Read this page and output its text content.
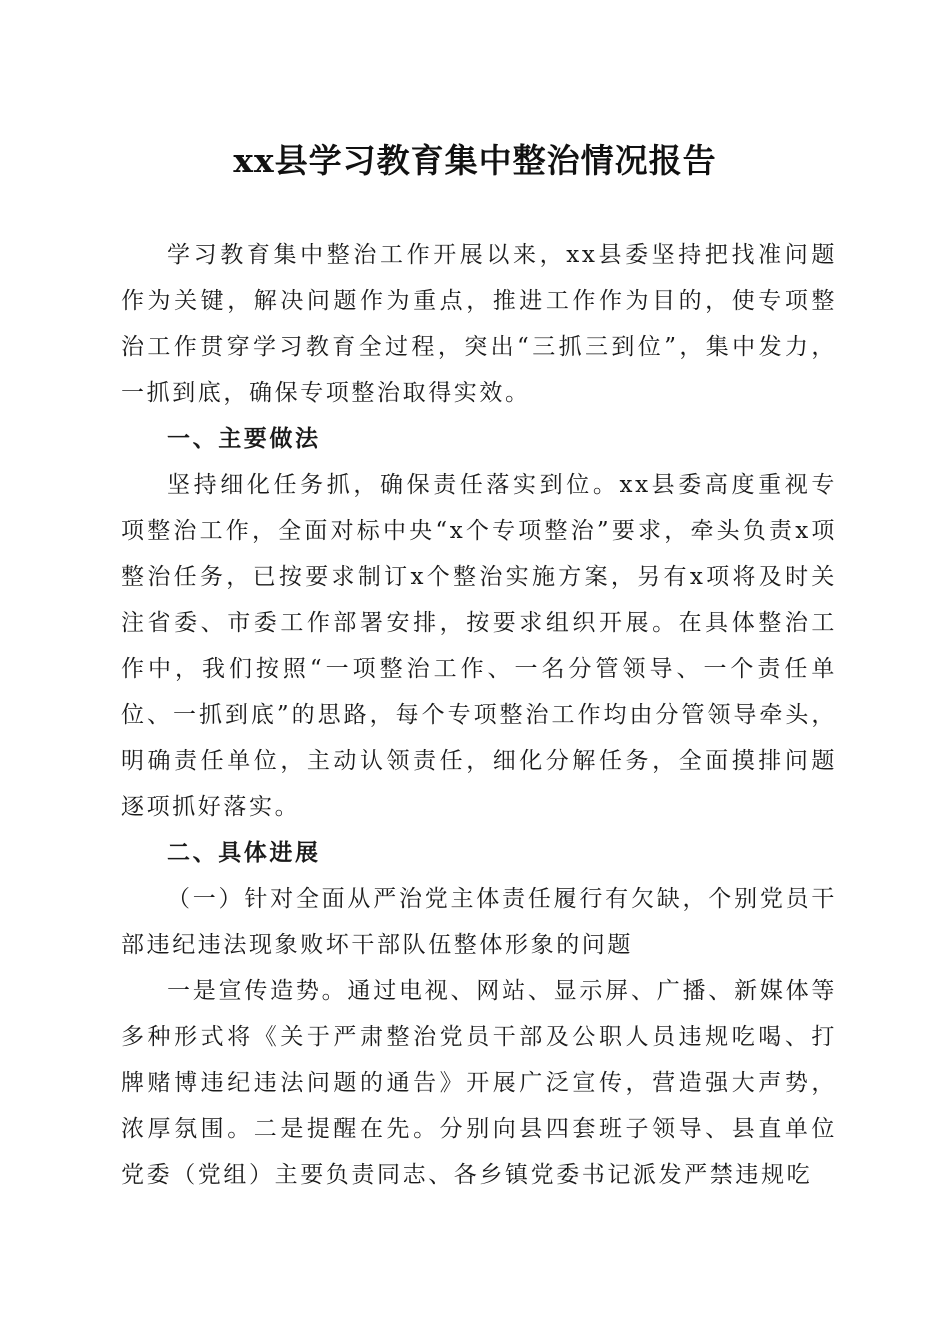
xx县学习教育集中整治情况报告

学习教育集中整治工作开展以来，xx县委坚持把找准问题作为关键，解决问题作为重点，推进工作作为目的，使专项整治工作贯穿学习教育全过程，突出“三抓三到位”，集中发力，一抓到底，确保专项整治取得实效。

一、主要做法

坚持细化任务抓，确保责任落实到位。xx县委高度重视专项整治工作，全面对标中央“x个专项整治”要求，牵头负责x项整治任务，已按要求制订x个整治实施方案，另有x项将及时关注省委、市委工作部署安排，按要求组织开展。在具体整治工作中，我们按照“一项整治工作、一名分管领导、一个责任单位、一抓到底”的思路，每个专项整治工作均由分管领导牵头，明确责任单位，主动认领责任，细化分解任务，全面摸排问题逐项抓好落实。

二、具体进展

（一）针对全面从严治党主体责任履行有欠缺，个别党员干部违纪违法现象败坏干部队伍整体形象的问题

一是宣传造势。通过电视、网站、显示屏、广播、新媒体等多种形式将《关于严肃整治党员干部及公职人员违规吃喝、打牌赌博违纪违法问题的通告》开展广泛宣传，营造强大声势，浓厚氛围。二是提醒在先。分别向县四套班子领导、县直单位党委（党组）主要负责同志、各乡镇党委书记派发严禁违规吃
